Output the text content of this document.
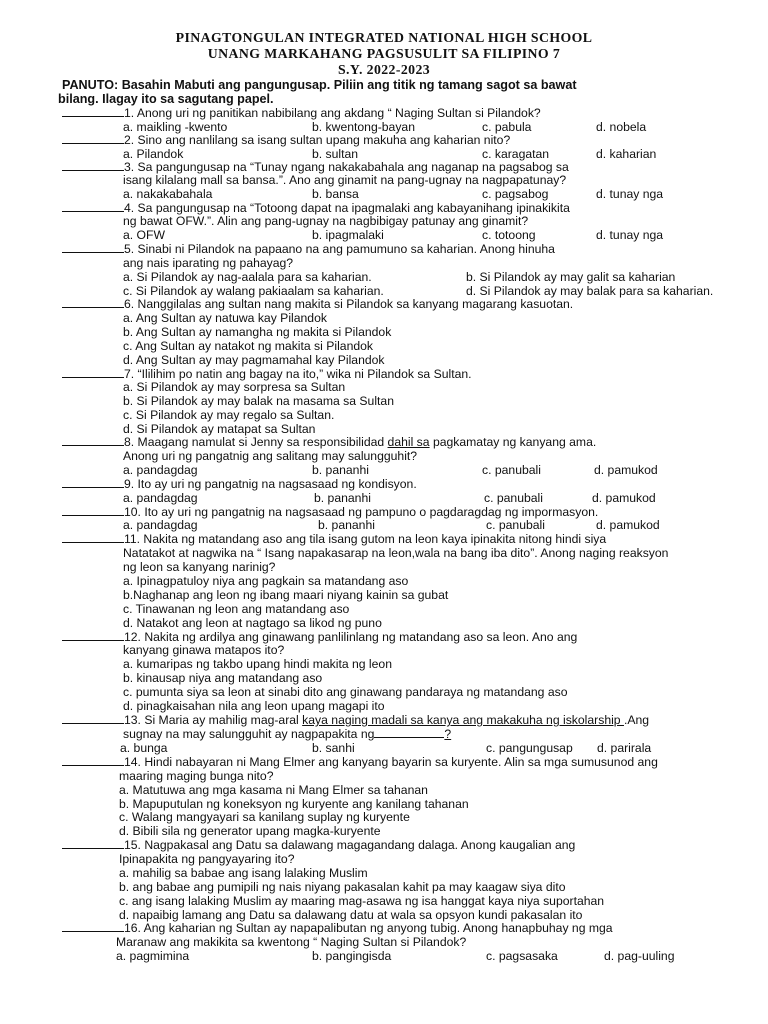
PINAGTONGULAN INTEGRATED NATIONAL HIGH SCHOOL
UNANG MARKAHANG PAGSUSULIT SA FILIPINO 7
S.Y. 2022-2023
PANUTO: Basahin Mabuti ang pangungusap. Piliin ang titik ng tamang sagot sa bawat
bilang. Ilagay ito sa sagutang papel.
1. Anong uri ng panitikan nabibilang ang akdang “ Naging Sultan si Pilandok?
a. maikling -kwento	b. kwentong-bayan	c. pabula	d. nobela
2. Sino ang nanlilang sa isang sultan upang makuha ang kaharian nito?
a. Pilandok	b. sultan	c. karagatan	d. kaharian
3. Sa pangungusap na “Tunay ngang nakakabahala ang naganap na pagsabog sa
isang kilalang mall sa bansa.”. Ano ang ginamit na pang-ugnay na nagpapatunay?
a. nakakabahala	b. bansa	c. pagsabog	d. tunay nga
4. Sa pangungusap na “Totoong dapat na ipagmalaki ang kabayanihang ipinakikita
ng bawat OFW.”. Alin ang pang-ugnay na nagbibigay patunay ang ginamit?
a. OFW	b. ipagmalaki	c. totoong	d. tunay nga
5. Sinabi ni Pilandok na papaano na ang pamumuno sa kaharian. Anong hinuha
ang nais iparating ng pahayag?
a. Si Pilandok ay nag-aalala para sa kaharian.	b. Si Pilandok ay may galit sa kaharian
c. Si Pilandok ay walang pakiaalam sa kaharian.	d. Si Pilandok ay may balak para sa kaharian.
6. Nanggilalas ang sultan nang makita si Pilandok sa kanyang magarang kasuotan.
a. Ang Sultan ay natuwa kay Pilandok
b. Ang Sultan ay namangha ng makita si Pilandok
c. Ang Sultan ay natakot ng makita si Pilandok
d. Ang Sultan ay may pagmamahal kay Pilandok
7. “Ililihim po natin ang bagay na ito,” wika ni Pilandok sa Sultan.
a. Si Pilandok ay may sorpresa sa Sultan
b. Si Pilandok ay may balak na masama sa Sultan
c. Si Pilandok ay may regalo sa Sultan.
d. Si Pilandok ay matapat sa Sultan
8. Maagang namulat si Jenny sa responsibilidad dahil sa pagkamatay ng kanyang ama.
Anong uri ng pangatnig ang salitang may salungguhit?
a. pandagdag	b. pananhi	c. panubali	d. pamukod
9. Ito ay uri ng pangatnig na nagsasaad ng kondisyon.
a. pandagdag	b. pananhi	c. panubali	d. pamukod
10. Ito ay uri ng pangatnig na nagsasaad ng pampuno o pagdaragdag ng impormasyon.
a. pandagdag	b. pananhi	c. panubali	d. pamukod
11. Nakita ng matandang aso ang tila isang gutom na leon kaya ipinakita nitong hindi siya
Natatakot at nagwika na “ Isang napakasarap na leon,wala na bang iba dito”. Anong naging reaksyon
ng leon sa kanyang narinig?
a. Ipinagpatuloy niya ang pagkain sa matandang aso
b.Naghanap ang leon ng ibang maari niyang kainin sa gubat
c. Tinawanan ng leon ang matandang aso
d. Natakot ang leon at nagtago sa likod ng puno
12. Nakita ng ardilya ang ginawang panlilinlang ng matandang aso sa leon. Ano ang
kanyang ginawa matapos ito?
a. kumaripas ng takbo upang hindi makita ng leon
b. kinausap niya ang matandang aso
c. pumunta siya sa leon at sinabi dito ang ginawang pandaraya ng matandang aso
d. pinagkaisahan nila ang leon upang magapi ito
13. Si Maria ay mahilig mag-aral kaya naging madali sa kanya ang makakuha ng iskolarship .Ang
sugnay na may salungguhit ay nagpapakita ng	?
a. bunga	b. sanhi	c. pangungusap d. parirala
14. Hindi nabayaran ni Mang Elmer ang kanyang bayarin sa kuryente. Alin sa mga sumusunod ang
maaring maging bunga nito?
a. Matutuwa ang mga kasama ni Mang Elmer sa tahanan
b. Mapuputulan ng koneksyon ng kuryente ang kanilang tahanan
c. Walang mangyayari sa kanilang suplay ng kuryente
d. Bibili sila ng generator upang magka-kuryente
15. Nagpakasal ang Datu sa dalawang magagandang dalaga. Anong kaugalian ang
Ipinapakita ng pangyayaring ito?
a. mahilig sa babae ang isang lalaking Muslim
b. ang babae ang pumipili ng nais niyang pakasalan kahit pa may kaagaw siya dito
c. ang isang lalaking Muslim ay maaring mag-asawa ng isa hanggat kaya niya suportahan
d. napaibig lamang ang Datu sa dalawang datu at wala sa opsyon kundi pakasalan ito
16. Ang kaharian ng Sultan ay napapalibutan ng anyong tubig. Anong hanapbuhay ng mga
Maranaw ang makikita sa kwentong “ Naging Sultan si Pilandok?
a. pagmimina	b. pangingisda	c. pagsasaka	d. pag-uuling
